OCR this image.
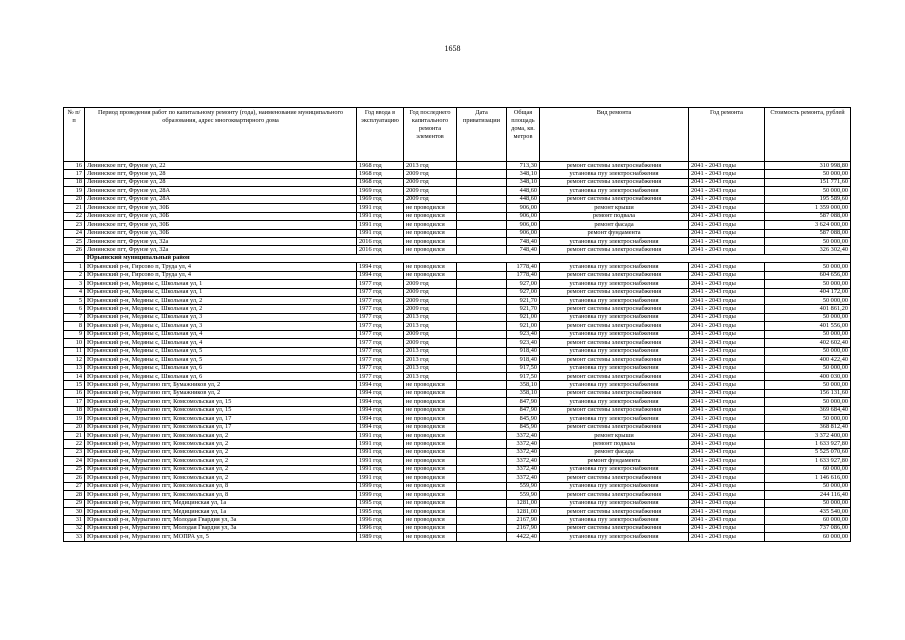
1658
№ п/п	Период проведения работ по капитальному ремонту (года), наименование муниципального образования, адрес многоквартирного дома	Год ввода в эксплуатацию	Год последнего капитального ремонта элементов	Дата приватизации	Общая площадь дома, кв. метров	Вид ремонта	Год ремонта	Стоимость ремонта, рублей
16	Ленинское пгт, Фрунзе ул, 22	1968 год	2013 год		713,30	ремонт системы электроснабжения	2041 - 2043 годы	310 998,80
17	Ленинское пгт, Фрунзе ул, 28	1968 год	2009 год		348,10	установка пуу электроснабжения	2041 - 2043 годы	50 000,00
18	Ленинское пгт, Фрунзе ул, 28	1968 год	2009 год		348,10	ремонт системы электроснабжения	2041 - 2043 годы	151 771,60
19	Ленинское пгт, Фрунзе ул, 28А	1969 год	2009 год		448,60	установка пуу электроснабжения	2041 - 2043 годы	50 000,00
20	Ленинское пгт, Фрунзе ул, 28А	1969 год	2009 год		448,60	ремонт системы электроснабжения	2041 - 2043 годы	195 589,60
21	Ленинское пгт, Фрунзе ул, 30Б	1991 год	не проводился		906,00	ремонт крыши	2041 - 2043 годы	1 359 000,00
22	Ленинское пгт, Фрунзе ул, 30Б	1991 год	не проводился		906,00	ремонт подвала	2041 - 2043 годы	587 088,00
23	Ленинское пгт, Фрунзе ул, 30Б	1991 год	не проводился		906,00	ремонт фасада	2041 - 2043 годы	3 624 000,00
24	Ленинское пгт, Фрунзе ул, 30Б	1991 год	не проводился		906,00	ремонт фундамента	2041 - 2043 годы	587 088,00
25	Ленинское пгт, Фрунзе ул, 32а	2016 год	не проводился		748,40	установка пуу электроснабжения	2041 - 2043 годы	50 000,00
26	Ленинское пгт, Фрунзе ул, 32а	2016 год	не проводился		748,40	ремонт системы электроснабжения	2041 - 2043 годы	326 302,40
	Юрьянский муниципальный район							
1	Юрьянский р-н, Гирсово п, Труда ул, 4	1994 год	не проводился		1778,40	установка пуу электроснабжения	2041 - 2043 годы	50 000,00
2	Юрьянский р-н, Гирсово п, Труда ул, 4	1994 год	не проводился		1778,40	ремонт системы электроснабжения	2041 - 2043 годы	604 656,00
3	Юрьянский р-н, Медяны с, Школьная ул, 1	1977 год	2009 год		927,00	установка пуу электроснабжения	2041 - 2043 годы	50 000,00
4	Юрьянский р-н, Медяны с, Школьная ул, 1	1977 год	2009 год		927,00	ремонт системы электроснабжения	2041 - 2043 годы	404 172,00
5	Юрьянский р-н, Медяны с, Школьная ул, 2	1977 год	2009 год		921,70	установка пуу электроснабжения	2041 - 2043 годы	50 000,00
6	Юрьянский р-н, Медяны с, Школьная ул, 2	1977 год	2009 год		921,70	ремонт системы электроснабжения	2041 - 2043 годы	401 861,20
7	Юрьянский р-н, Медяны с, Школьная ул, 3	1977 год	2013 год		921,00	установка пуу электроснабжения	2041 - 2043 годы	50 000,00
8	Юрьянский р-н, Медяны с, Школьная ул, 3	1977 год	2013 год		921,00	ремонт системы электроснабжения	2041 - 2043 годы	401 556,00
9	Юрьянский р-н, Медяны с, Школьная ул, 4	1977 год	2009 год		923,40	установка пуу электроснабжения	2041 - 2043 годы	50 000,00
10	Юрьянский р-н, Медяны с, Школьная ул, 4	1977 год	2009 год		923,40	ремонт системы электроснабжения	2041 - 2043 годы	402 602,40
11	Юрьянский р-н, Медяны с, Школьная ул, 5	1977 год	2013 год		918,40	установка пуу электроснабжения	2041 - 2043 годы	50 000,00
12	Юрьянский р-н, Медяны с, Школьная ул, 5	1977 год	2013 год		918,40	ремонт системы электроснабжения	2041 - 2043 годы	400 422,40
13	Юрьянский р-н, Медяны с, Школьная ул, 6	1977 год	2013 год		917,50	установка пуу электроснабжения	2041 - 2043 годы	50 000,00
14	Юрьянский р-н, Медяны с, Школьная ул, 6	1977 год	2013 год		917,50	ремонт системы электроснабжения	2041 - 2043 годы	400 030,00
15	Юрьянский р-н, Мурыгино пгт, Бумажников ул, 2	1994 год	не проводился		358,10	установка пуу электроснабжения	2041 - 2043 годы	50 000,00
16	Юрьянский р-н, Мурыгино пгт, Бумажников ул, 2	1994 год	не проводился		358,10	ремонт системы электроснабжения	2041 - 2043 годы	156 131,60
17	Юрьянский р-н, Мурыгино пгт, Комсомольская ул, 15	1994 год	не проводился		847,90	установка пуу электроснабжения	2041 - 2043 годы	50 000,00
18	Юрьянский р-н, Мурыгино пгт, Комсомольская ул, 15	1994 год	не проводился		847,90	ремонт системы электроснабжения	2041 - 2043 годы	369 684,40
19	Юрьянский р-н, Мурыгино пгт, Комсомольская ул, 17	1994 год	не проводился		845,90	установка пуу электроснабжения	2041 - 2043 годы	50 000,00
20	Юрьянский р-н, Мурыгино пгт, Комсомольская ул, 17	1994 год	не проводился		845,90	ремонт системы электроснабжения	2041 - 2043 годы	368 812,40
21	Юрьянский р-н, Мурыгино пгт, Комсомольская ул, 2	1991 год	не проводился		3372,40	ремонт крыши	2041 - 2043 годы	3 372 400,00
22	Юрьянский р-н, Мурыгино пгт, Комсомольская ул, 2	1991 год	не проводился		3372,40	ремонт подвала	2041 - 2043 годы	1 633 927,80
23	Юрьянский р-н, Мурыгино пгт, Комсомольская ул, 2	1991 год	не проводился		3372,40	ремонт фасада	2041 - 2043 годы	5 525 070,60
24	Юрьянский р-н, Мурыгино пгт, Комсомольская ул, 2	1991 год	не проводился		3372,40	ремонт фундамента	2041 - 2043 годы	1 633 927,80
25	Юрьянский р-н, Мурыгино пгт, Комсомольская ул, 2	1991 год	не проводился		3372,40	установка пуу электроснабжения	2041 - 2043 годы	60 000,00
26	Юрьянский р-н, Мурыгино пгт, Комсомольская ул, 2	1991 год	не проводился		3372,40	ремонт системы электроснабжения	2041 - 2043 годы	1 146 616,00
27	Юрьянский р-н, Мурыгино пгт, Комсомольская ул, 8	1999 год	не проводился		559,90	установка пуу электроснабжения	2041 - 2043 годы	50 000,00
28	Юрьянский р-н, Мурыгино пгт, Комсомольская ул, 8	1999 год	не проводился		559,90	ремонт системы электроснабжения	2041 - 2043 годы	244 116,40
29	Юрьянский р-н, Мурыгино пгт, Медицинская ул, 1а	1995 год	не проводился		1281,00	установка пуу электроснабжения	2041 - 2043 годы	50 000,00
30	Юрьянский р-н, Мурыгино пгт, Медицинская ул, 1а	1995 год	не проводился		1281,00	ремонт системы электроснабжения	2041 - 2043 годы	435 540,00
31	Юрьянский р-н, Мурыгино пгт, Молодая Гвардия ул, 3а	1996 год	не проводился		2167,90	установка пуу электроснабжения	2041 - 2043 годы	60 000,00
32	Юрьянский р-н, Мурыгино пгт, Молодая Гвардия ул, 3а	1996 год	не проводился		2167,90	ремонт системы электроснабжения	2041 - 2043 годы	737 086,00
33	Юрьянский р-н, Мурыгино пгт, МОПРА ул, 5	1989 год	не проводился		4422,40	установка пуу электроснабжения	2041 - 2043 годы	60 000,00
